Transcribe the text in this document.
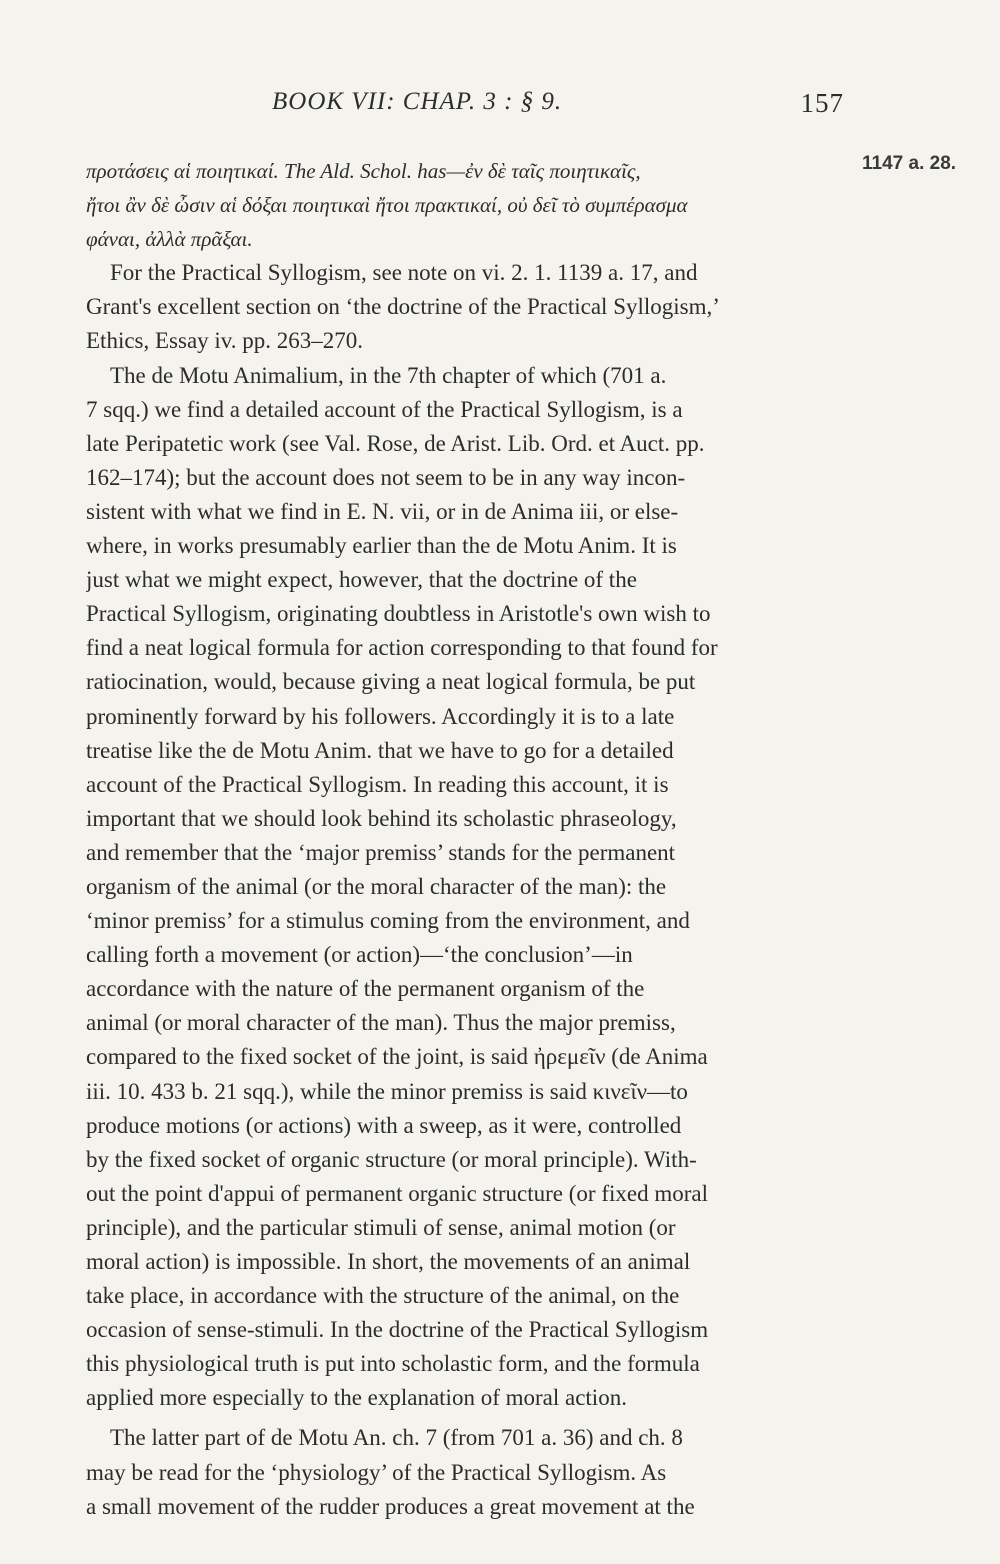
BOOK VII: CHAP. 3 : § 9.	157
1147 a. 28.
προτάσεις αἱ ποιητικαί. The Ald. Schol. has—ἐν δὲ ταῖς ποιητικαῖς,
ἤτοι ἂν δὲ ὦσιν αἱ δόξαι ποιητικαὶ ἤτοι πρακτικαί, οὐ δεῖ τὸ συμπέρασμα
φάναι, ἀλλὰ πρᾶξαι.
For the Practical Syllogism, see note on vi. 2. 1. 1139 a. 17, and
Grant's excellent section on ‘the doctrine of the Practical Syllogism,’
Ethics, Essay iv. pp. 263–270.
The de Motu Animalium, in the 7th chapter of which (701 a.
7 sqq.) we find a detailed account of the Practical Syllogism, is a
late Peripatetic work (see Val. Rose, de Arist. Lib. Ord. et Auct. pp.
162–174); but the account does not seem to be in any way incon-
sistent with what we find in E. N. vii, or in de Anima iii, or else-
where, in works presumably earlier than the de Motu Anim. It is
just what we might expect, however, that the doctrine of the
Practical Syllogism, originating doubtless in Aristotle's own wish to
find a neat logical formula for action corresponding to that found for
ratiocination, would, because giving a neat logical formula, be put
prominently forward by his followers. Accordingly it is to a late
treatise like the de Motu Anim. that we have to go for a detailed
account of the Practical Syllogism. In reading this account, it is
important that we should look behind its scholastic phraseology,
and remember that the ‘major premiss’ stands for the permanent
organism of the animal (or the moral character of the man): the
‘minor premiss’ for a stimulus coming from the environment, and
calling forth a movement (or action)—‘the conclusion’—in
accordance with the nature of the permanent organism of the
animal (or moral character of the man). Thus the major premiss,
compared to the fixed socket of the joint, is said ἠρεμεῖν (de Anima
iii. 10. 433 b. 21 sqq.), while the minor premiss is said κινεῖν—to
produce motions (or actions) with a sweep, as it were, controlled
by the fixed socket of organic structure (or moral principle). With-
out the point d'appui of permanent organic structure (or fixed moral
principle), and the particular stimuli of sense, animal motion (or
moral action) is impossible. In short, the movements of an animal
take place, in accordance with the structure of the animal, on the
occasion of sense-stimuli. In the doctrine of the Practical Syllogism
this physiological truth is put into scholastic form, and the formula
applied more especially to the explanation of moral action.
The latter part of de Motu An. ch. 7 (from 701 a. 36) and ch. 8
may be read for the ‘physiology’ of the Practical Syllogism. As
a small movement of the rudder produces a great movement at the
